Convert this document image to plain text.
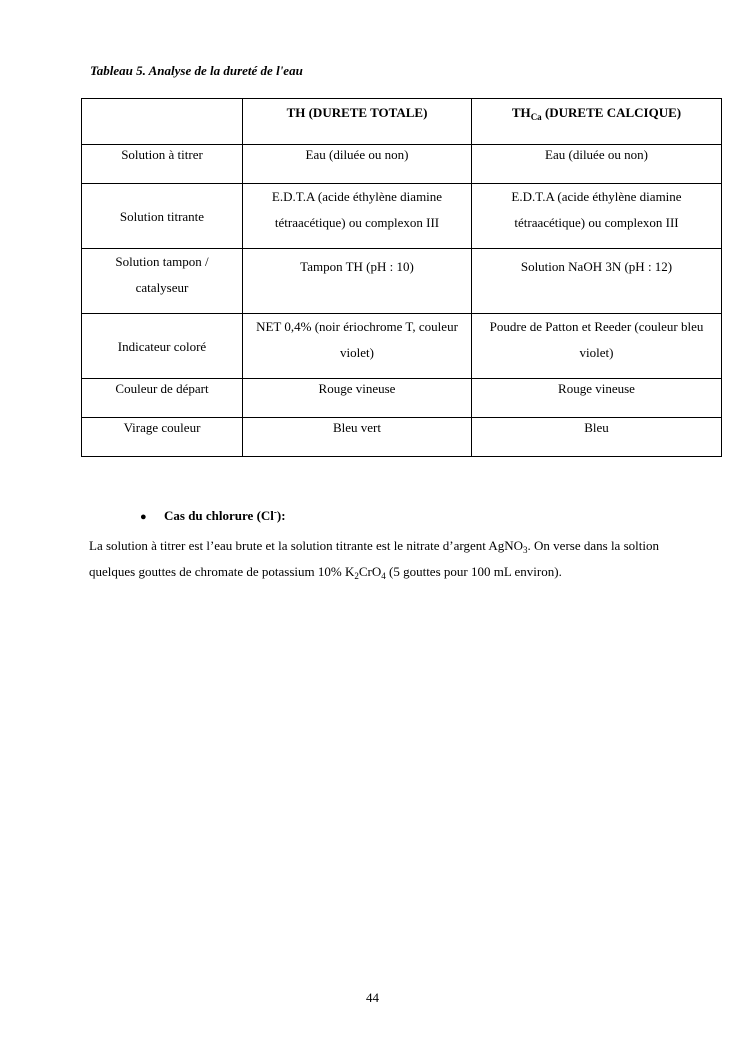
Tableau 5. Analyse de la dureté de l'eau

	TH (DURETE TOTALE)	$TH_{Ca}$ (DURETE CALCIQUE)
Solution à titrer	Eau (diluée ou non)	Eau (diluée ou non)
Solution titrante	E.D.T.A (acide éthylène diamine tétraacétique) ou complexon III	E.D.T.A (acide éthylène diamine tétraacétique) ou complexon III
Solution tampon / catalyseur	Tampon TH (pH : 10)	Solution NaOH 3N (pH : 12)
Indicateur coloré	NET 0,4% (noir ériochrome T, couleur violet)	Poudre de Patton et Reeder (couleur bleu violet)
Couleur de départ	Rouge vineuse	Rouge vineuse
Virage couleur	Bleu vert	Bleu

● Cas du chlorure (Cl-):

La solution à titrer est l’eau brute et la solution titrante est le nitrate d’argent AgNO$_3$. On verse dans la soltion quelques gouttes de chromate de potassium 10% $K_2CrO_4$ (5 gouttes pour 100 mL environ).

44
